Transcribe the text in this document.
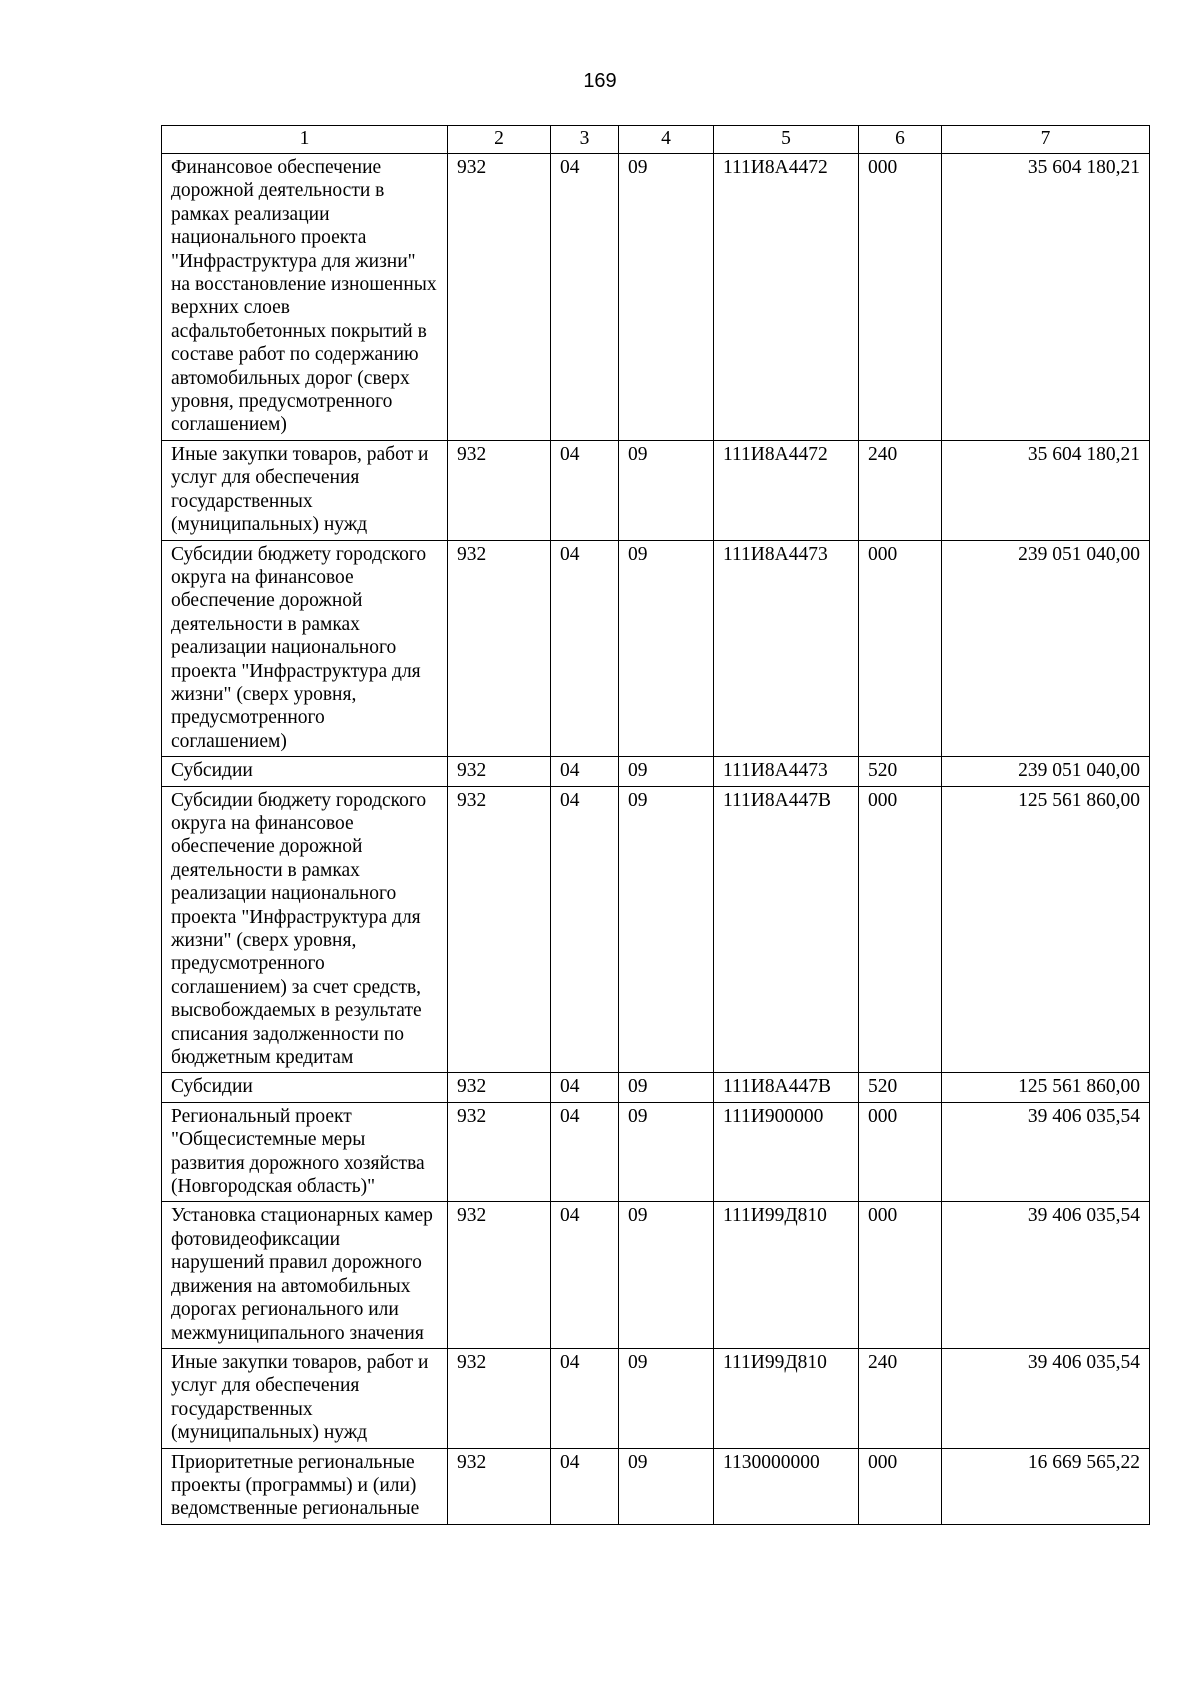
169
1	2	3	4	5	6	7
Финансовое обеспечение дорожной деятельности в рамках реализации национального проекта "Инфраструктура для жизни" на восстановление изношенных верхних слоев асфальтобетонных покрытий в составе работ по содержанию автомобильных дорог (сверх уровня, предусмотренного соглашением)	932	04	09	111И8А4472	000	35 604 180,21
Иные закупки товаров, работ и услуг для обеспечения государственных (муниципальных) нужд	932	04	09	111И8А4472	240	35 604 180,21
Субсидии бюджету городского округа на финансовое обеспечение дорожной деятельности в рамках реализации национального проекта "Инфраструктура для жизни" (сверх уровня, предусмотренного соглашением)	932	04	09	111И8А4473	000	239 051 040,00
Субсидии	932	04	09	111И8А4473	520	239 051 040,00
Субсидии бюджету городского округа на финансовое обеспечение дорожной деятельности в рамках реализации национального проекта "Инфраструктура для жизни" (сверх уровня, предусмотренного соглашением) за счет средств, высвобождаемых в результате списания задолженности по бюджетным кредитам	932	04	09	111И8А447В	000	125 561 860,00
Субсидии	932	04	09	111И8А447В	520	125 561 860,00
Региональный проект "Общесистемные меры развития дорожного хозяйства (Новгородская область)"	932	04	09	111И900000	000	39 406 035,54
Установка стационарных камер фотовидеофиксации нарушений правил дорожного движения на автомобильных дорогах регионального или межмуниципального значения	932	04	09	111И99Д810	000	39 406 035,54
Иные закупки товаров, работ и услуг для обеспечения государственных (муниципальных) нужд	932	04	09	111И99Д810	240	39 406 035,54
Приоритетные региональные проекты (программы) и (или) ведомственные региональные	932	04	09	1130000000	000	16 669 565,22
